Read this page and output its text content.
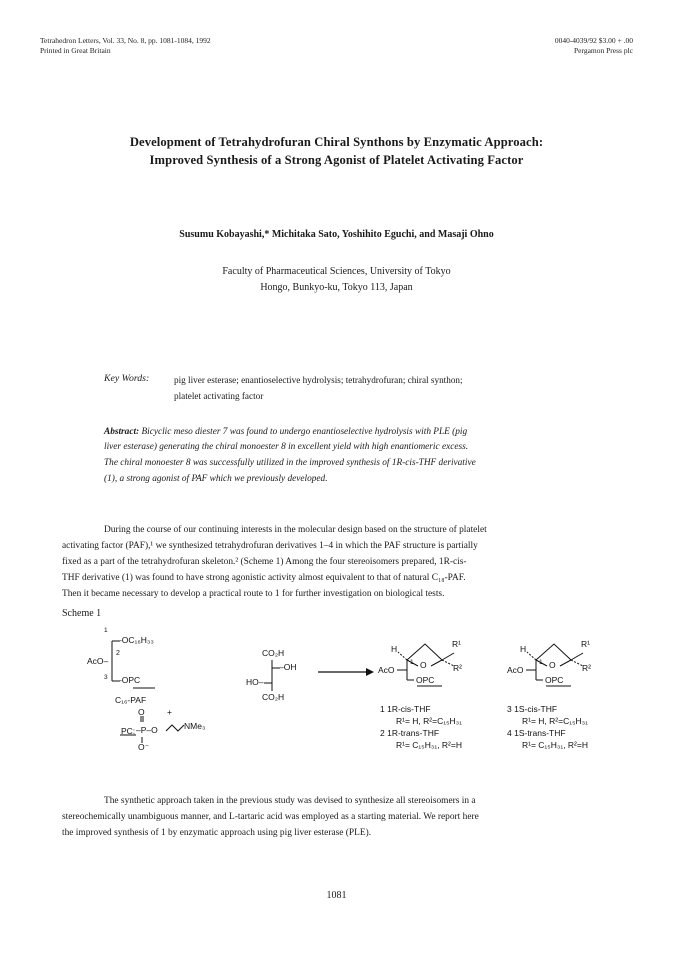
Tetrahedron Letters, Vol. 33, No. 8, pp. 1081-1084, 1992
Printed in Great Britain
0040-4039/92 $3.00 + .00
Pergamon Press plc
Development of Tetrahydrofuran Chiral Synthons by Enzymatic Approach:
Improved Synthesis of a Strong Agonist of Platelet Activating Factor
Susumu Kobayashi,* Michitaka Sato, Yoshihito Eguchi, and Masaji Ohno
Faculty of Pharmaceutical Sciences, University of Tokyo
Hongo, Bunkyo-ku, Tokyo 113, Japan
Key Words:	pig liver esterase; enantioselective hydrolysis; tetrahydrofuran; chiral synthon;
platelet activating factor
Abstract: Bicyclic meso diester 7 was found to undergo enantioselective hydrolysis with PLE (pig
liver esterase) generating the chiral monoester 8 in excellent yield with high enantiomeric excess.
The chiral monoester 8 was successfully utilized in the improved synthesis of 1R-cis-THF derivative
(1), a strong agonist of PAF which we previously developed.
During the course of our continuing interests in the molecular design based on the structure of platelet
activating factor (PAF),¹ we synthesized tetrahydrofuran derivatives 1–4 in which the PAF structure is partially
fixed as a part of the tetrahydrofuran skeleton.² (Scheme 1) Among the four stereoisomers prepared, 1R-cis-
THF derivative (1) was found to have strong agonistic activity almost equivalent to that of natural C₁₈-PAF.
Then it became necessary to develop a practical route to 1 for further investigation on biological tests.
Scheme 1
1
2
3
–OC₁₆H₃₃
AcO–
–OPC
C₁₆-PAF
PC:
O	+
–P–O	NMe₃
O⁻
CO₂H
–OH
HO–
CO₂H
H	R¹
R²
O
1
AcO
OPC
H	R¹
R²
O
1
AcO
OPC
1 1R-cis-THF
R¹= H, R²=C₁₅H₃₁
2 1R-trans-THF
R¹= C₁₅H₃₁, R²=H
3 1S-cis-THF
R¹= H, R²=C₁₅H₃₁
4 1S-trans-THF
R¹= C₁₅H₃₁, R²=H
The synthetic approach taken in the previous study was devised to synthesize all stereoisomers in a
stereochemically unambiguous manner, and L-tartaric acid was employed as a starting material. We report here
the improved synthesis of 1 by enzymatic approach using pig liver esterase (PLE).
1081
